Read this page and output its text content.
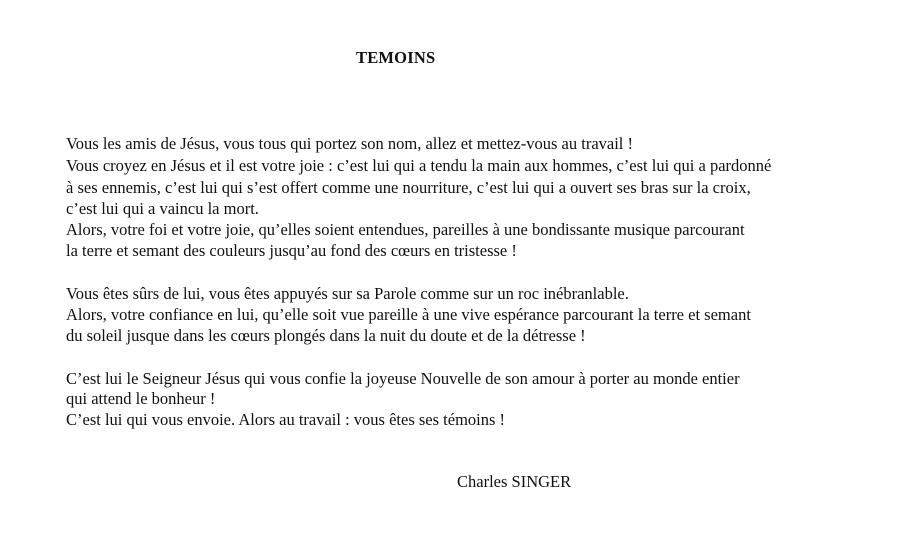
TEMOINS
Vous les amis de Jésus, vous tous qui portez son nom, allez et mettez-vous au travail !
Vous croyez en Jésus et il est votre joie : c’est lui qui a tendu la main aux hommes, c’est lui qui a pardonné
à ses ennemis, c’est lui qui s’est offert comme une nourriture, c’est lui qui a ouvert ses bras sur la croix,
c’est lui qui a vaincu la mort.
Alors, votre foi et votre joie, qu’elles soient entendues, pareilles à une bondissante musique parcourant
la terre et semant des couleurs jusqu’au fond des cœurs en tristesse !
Vous êtes sûrs de lui, vous êtes appuyés sur sa Parole comme sur un roc inébranlable.
Alors, votre confiance en lui, qu’elle soit vue pareille à une vive espérance parcourant la terre et semant
du soleil jusque dans les cœurs plongés dans la nuit du doute et de la détresse !
C’est lui le Seigneur Jésus qui vous confie la joyeuse Nouvelle de son amour à porter au monde entier
qui attend le bonheur !
C’est lui qui vous envoie. Alors au travail : vous êtes ses témoins !
Charles SINGER
